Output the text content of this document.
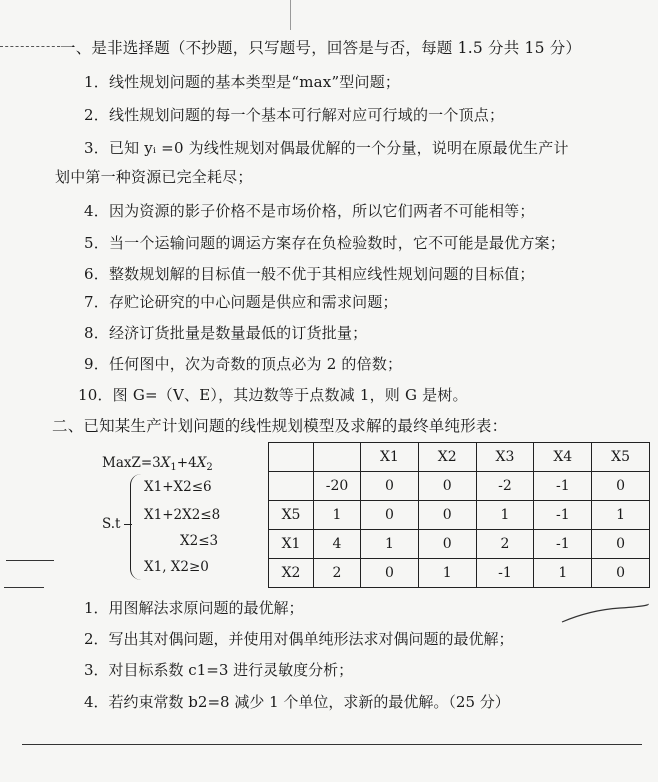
一、是非选择题（不抄题，只写题号，回答是与否，每题 1.5 分共 15 分）
1．线性规划问题的基本类型是“max”型问题；
2．线性规划问题的每一个基本可行解对应可行域的一个顶点；
3．已知 yᵢ =0 为线性规划对偶最优解的一个分量，说明在原最优生产计
划中第一种资源已完全耗尽；
4．因为资源的影子价格不是市场价格，所以它们两者不可能相等；
5．当一个运输问题的调运方案存在负检验数时，它不可能是最优方案；
6．整数规划解的目标值一般不优于其相应线性规划问题的目标值；
7．存贮论研究的中心问题是供应和需求问题；
8．经济订货批量是数量最低的订货批量；
9．任何图中，次为奇数的顶点必为 2 的倍数；
10．图 G=（V、E），其边数等于点数减 1，则 G 是树。
二、已知某生产计划问题的线性规划模型及求解的最终单纯形表：
$MaxZ=3X_1+4X_2$
S.t
X1+X2≤6
X1+2X2≤8
X2≤3
X1, X2≥0
		X1	X2	X3	X4	X5
	-20	0	0	-2	-1	0
X5	1	0	0	1	-1	1
X1	4	1	0	2	-1	0
X2	2	0	1	-1	1	0
1．用图解法求原问题的最优解；
2．写出其对偶问题，并使用对偶单纯形法求对偶问题的最优解；
3．对目标系数 c1=3 进行灵敏度分析；
4．若约束常数 b2=8 减少 1 个单位，求新的最优解。（25 分）
